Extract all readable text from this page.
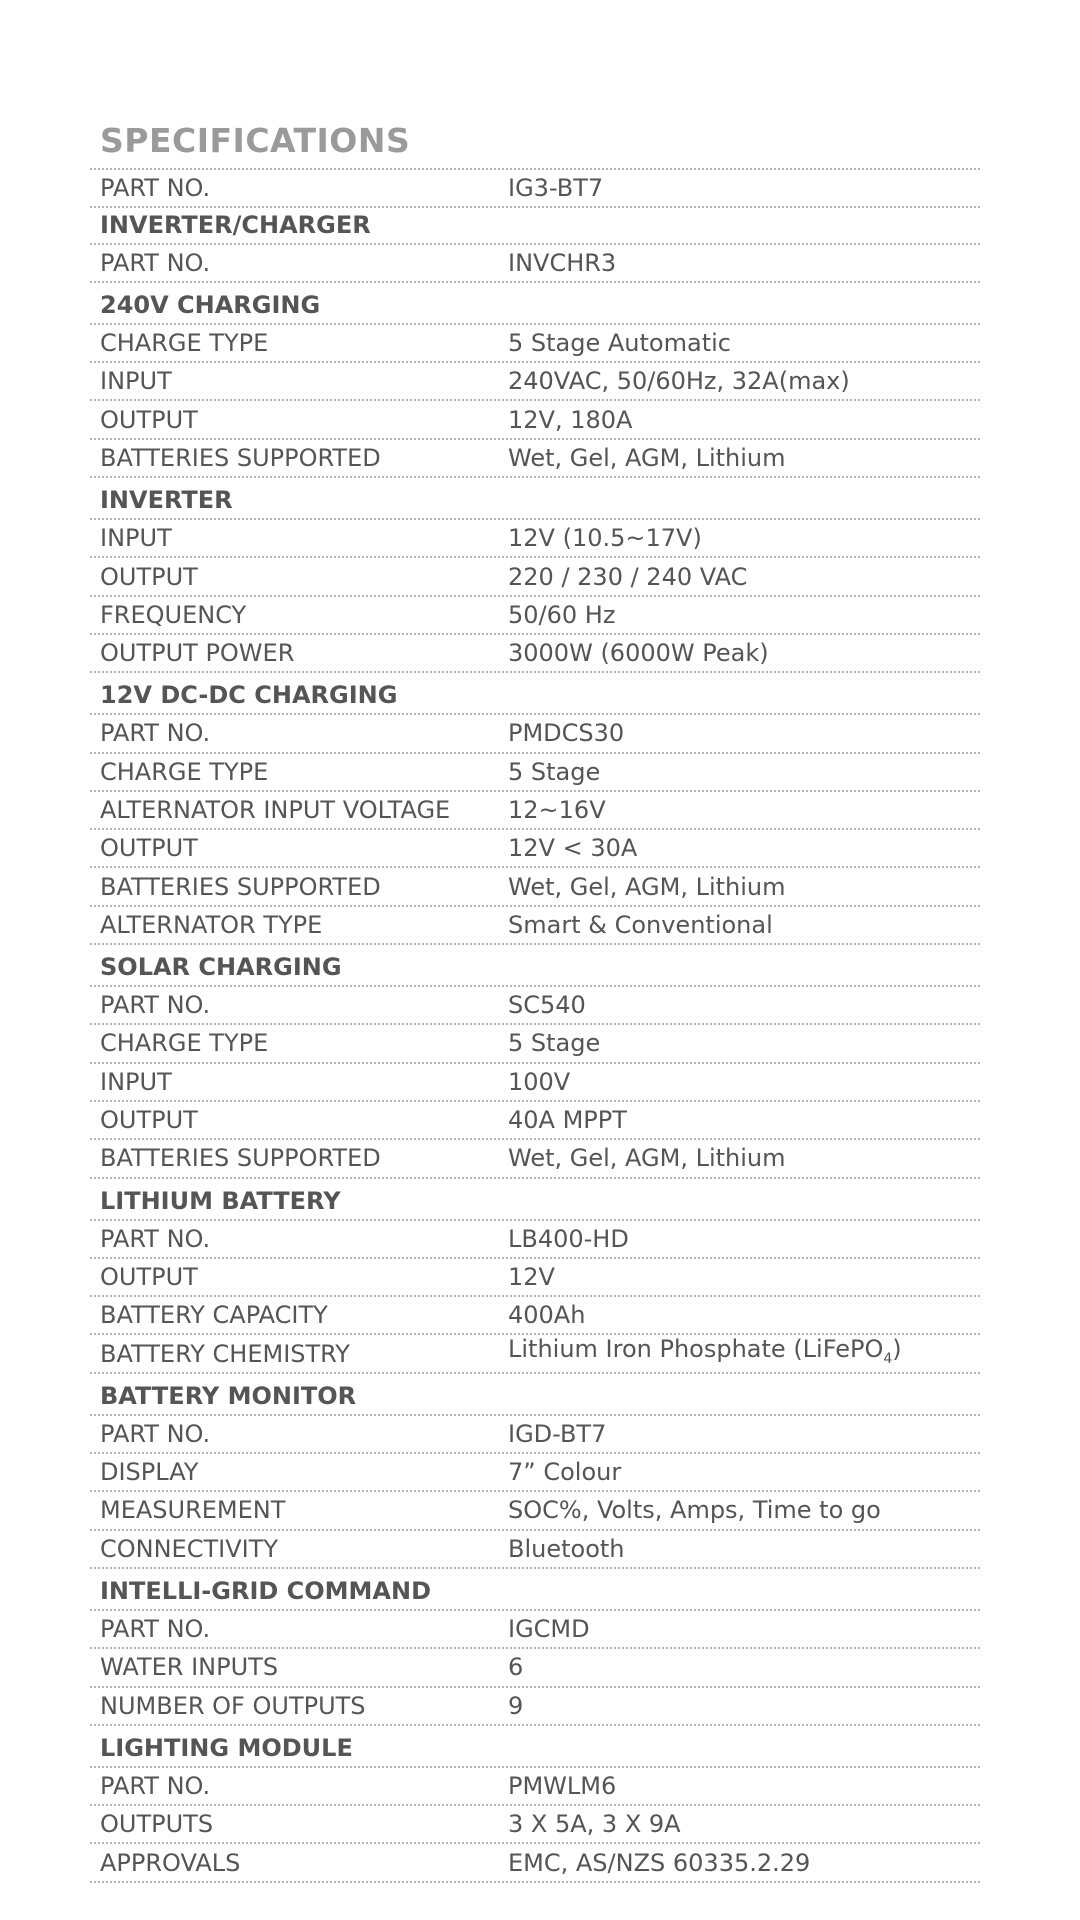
SPECIFICATIONS
PART NO.	IG3-BT7
INVERTER/CHARGER
PART NO.	INVCHR3
240V CHARGING
CHARGE TYPE	5 Stage Automatic
INPUT	240VAC, 50/60Hz, 32A(max)
OUTPUT	12V, 180A
BATTERIES SUPPORTED	Wet, Gel, AGM, Lithium
INVERTER
INPUT	12V (10.5~17V)
OUTPUT	220 / 230 / 240 VAC
FREQUENCY	50/60 Hz
OUTPUT POWER	3000W (6000W Peak)
12V DC-DC CHARGING
PART NO.	PMDCS30
CHARGE TYPE	5 Stage
ALTERNATOR INPUT VOLTAGE	12~16V
OUTPUT	12V < 30A
BATTERIES SUPPORTED	Wet, Gel, AGM, Lithium
ALTERNATOR TYPE	Smart & Conventional
SOLAR CHARGING
PART NO.	SC540
CHARGE TYPE	5 Stage
INPUT	100V
OUTPUT	40A MPPT
BATTERIES SUPPORTED	Wet, Gel, AGM, Lithium
LITHIUM BATTERY
PART NO.	LB400-HD
OUTPUT	12V
BATTERY CAPACITY	400Ah
BATTERY CHEMISTRY	Lithium Iron Phosphate (LiFePO$_4$)
BATTERY MONITOR
PART NO.	IGD-BT7
DISPLAY	7” Colour
MEASUREMENT	SOC%, Volts, Amps, Time to go
CONNECTIVITY	Bluetooth
INTELLI-GRID COMMAND
PART NO.	IGCMD
WATER INPUTS	6
NUMBER OF OUTPUTS	9
LIGHTING MODULE
PART NO.	PMWLM6
OUTPUTS	3 X 5A, 3 X 9A
APPROVALS	EMC, AS/NZS 60335.2.29
